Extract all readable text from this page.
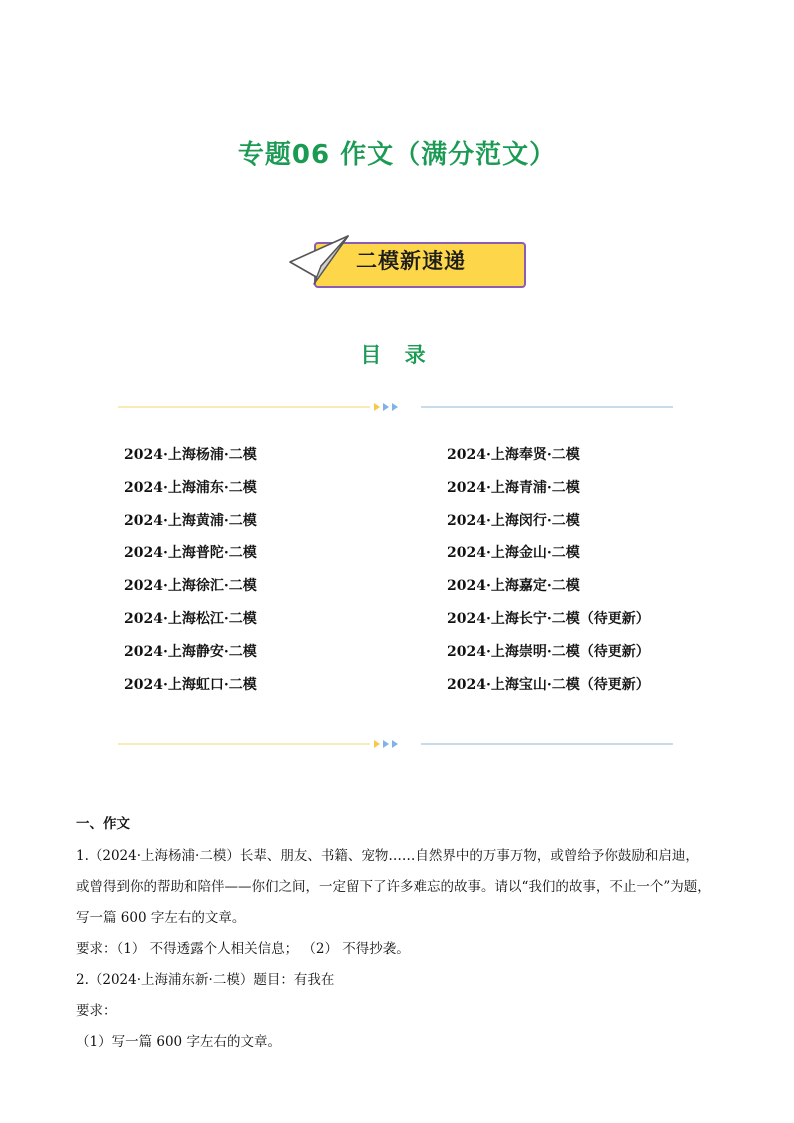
专题06 作文（满分范文）
二模新速递
目 录
2024·上海杨浦·二模
2024·上海浦东·二模
2024·上海黄浦·二模
2024·上海普陀·二模
2024·上海徐汇·二模
2024·上海松江·二模
2024·上海静安·二模
2024·上海虹口·二模
2024·上海奉贤·二模
2024·上海青浦·二模
2024·上海闵行·二模
2024·上海金山·二模
2024·上海嘉定·二模
2024·上海长宁·二模（待更新）
2024·上海崇明·二模（待更新）
2024·上海宝山·二模（待更新）
一、作文
1.（2024·上海杨浦·二模）长辈、朋友、书籍、宠物……自然界中的万事万物，或曾给予你鼓励和启迪，
或曾得到你的帮助和陪伴——你们之间，一定留下了许多难忘的故事。请以“我们的故事，不止一个”为题，
写一篇 600 字左右的文章。
要求：（1） 不得透露个人相关信息； （2） 不得抄袭。
2.（2024·上海浦东新·二模）题目：有我在
要求：
（1）写一篇 600 字左右的文章。
